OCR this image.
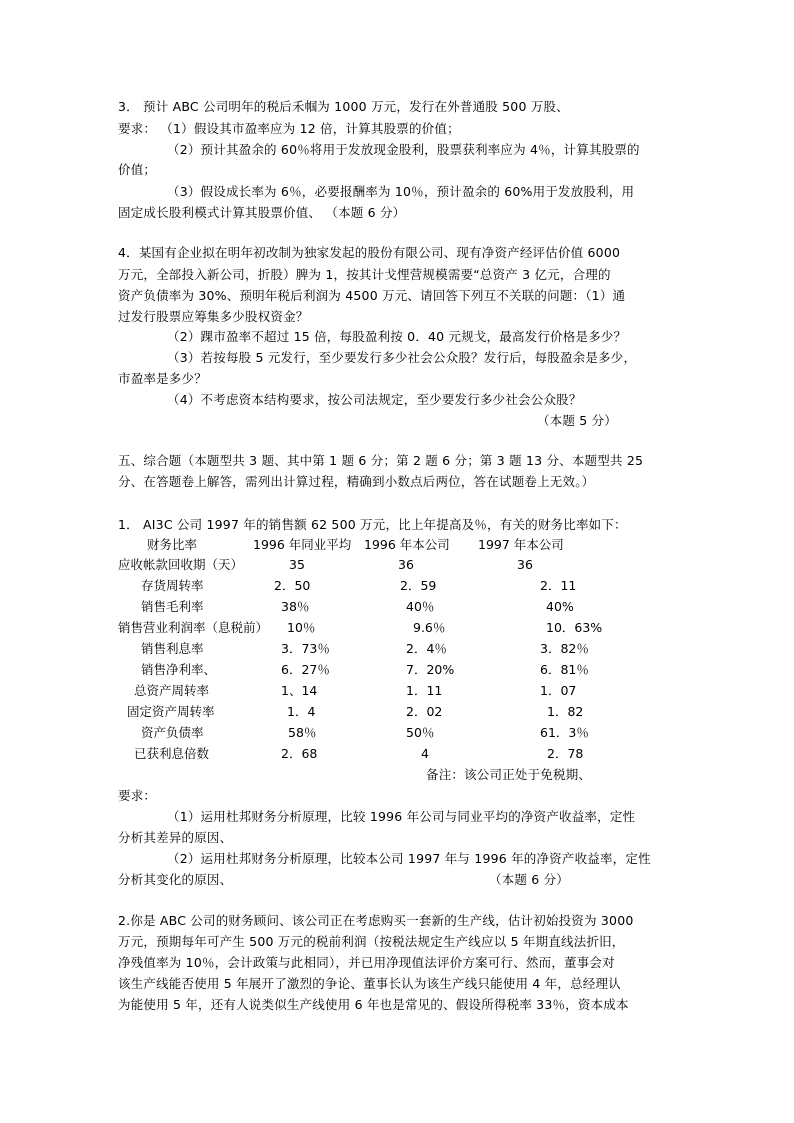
3． 预计 ABC 公司明年的税后禾帼为 1000 万元，发行在外普通股 500 万股、
要求： （1）假设其市盈率应为 12 倍，计算其股票的价值；
（2）预计其盈余的 60％将用于发放现金股利，股票获利率应为 4％，计算其股票的
价值；
（3）假设成长率为 6％，必要报酬率为 10％，预计盈余的 60%用于发放股利，用
固定成长股利模式计算其股票价值、 （本题 6 分）
4．某国有企业拟在明年初改制为独家发起的股份有限公司、现有净资产经评估价值 6000
万元，全部投入新公司，折股）脾为 1，按其计戈悝营规模需要“总资产 3 亿元，合理的
资产负债率为 30%、预明年税后利润为 4500 万元、请回答下列互不关联的问题：（1）通
过发行股票应筹集多少股权资金？
（2）踝市盈率不超过 15 倍，每股盈利按 0．40 元规戈，最高发行价格是多少？
（3）若按每股 5 元发行，至少要发行多少社会公众股？发行后，每股盈余是多少，
市盈率是多少？
（4）不考虑资本结构要求，按公司法规定，至少要发行多少社会公众股？
（本题 5 分）
五、综合题（本题型共 3 题、其中第 1 题 6 分；第 2 题 6 分；第 3 题 13 分、本题型共 25
分、在答题卷上解答，需列出计算过程，精确到小数点后两位，答在试题卷上无效。）
1． AI3C 公司 1997 年的销售额 62 500 万元，比上年提高及％，有关的财务比率如下：
财务比率	1996 年同业平均 1996 年本公司 1997 年本公司
应收帐款回收期（天）	35	36	36
存货周转率	2．50	2．59	2．11
销售毛利率	38％	40％	40%
销售营业利润率（息税前） 10％	9.6％	10．63%
销售利息率	3．73％	2．4％	3．82％
销售净利率、	6．27％	7．20%	6．81％
总资产周转率	1、14	1．11	1．07
固定资产周转率	1．4	2．02	1．82
资产负债率	58％	50％	61．3％
已获利息倍数	2．68	4	2．78
备注：该公司正处于免税期、
要求：
（1）运用杜邦财务分析原理，比较 1996 年公司与同业平均的净资产收益率，定性
分析其差异的原因、
（2）运用杜邦财务分析原理，比较本公司 1997 年与 1996 年的净资产收益率，定性
分析其变化的原因、	（本题 6 分）
2.你是 ABC 公司的财务顾问、该公司正在考虑购买一套新的生产线，估计初始投资为 3000
万元，预期每年可产生 500 万元的税前利润（按税法规定生产线应以 5 年期直线法折旧，
净残值率为 10％，会计政策与此相同），并已用净现值法评价方案可行、然而，董事会对
该生产线能否使用 5 年展开了激烈的争论、董事长认为该生产线只能使用 4 年，总经理认
为能使用 5 年，还有人说类似生产线使用 6 年也是常见的、假设所得税率 33％，资本成本
